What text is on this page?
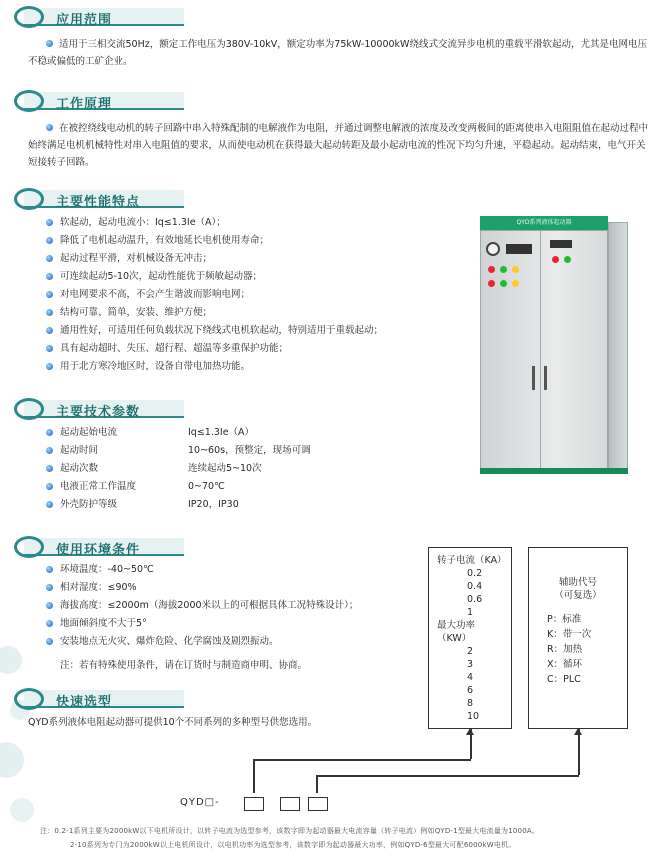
应用范围
适用于三相交流50Hz，额定工作电压为380V-10kV，额定功率为75kW-10000kW绕线式交流异步电机的重载平滑软起动，尤其是电网电压不稳或偏低的工矿企业。
工作原理
在被控绕线电动机的转子回路中串入特殊配制的电解液作为电阻，并通过调整电解液的浓度及改变两极间的距离使串入电阻阻值在起动过程中始终满足电机机械特性对串入电阻值的要求，从而使电动机在获得最大起动转距及最小起动电流的性况下均匀升速，平稳起动。起动结束，电气开关短接转子回路。
主要性能特点
软起动，起动电流小：Iq≤1.3Ie（A）；
降低了电机起动温升，有效地延长电机使用寿命；
起动过程平滑，对机械设备无冲击；
可连续起动5-10次，起动性能优于频敏起动器；
对电网要求不高，不会产生谐波而影响电网；
结构可靠、简单，安装、维护方便；
通用性好，可适用任何负载状况下绕线式电机软起动，特别适用于重载起动；
具有起动超时、失压、超行程、超温等多重保护功能；
用于北方寒冷地区时，设备自带电加热功能。
主要技术参数
起动起始电流	Iq≤1.3Ie（A）
起动时间	10~60s，预整定，现场可调
起动次数	连续起动5~10次
电液正常工作温度	0~70℃
外壳防护等级	IP20，IP30
QYD系列液体起动器
使用环境条件
环境温度：-40~50℃
相对湿度：≤90%
海拔高度：≤2000m（海拔2000米以上的可根据具体工况特殊设计）；
地面倾斜度不大于5°
安装地点无火灾、爆炸危险、化学腐蚀及剧烈振动。
注：若有特殊使用条件，请在订货时与制造商申明、协商。
快速选型
QYD系列液体电阻起动器可提供10个不同系列的多种型号供您选用。
转子电流（KA）
0.2
0.4
0.6
1
最大功率（KW）
2
3
4
6
8
10
辅助代号
（可复选）
P：标准
K：带一次
R：加热
X：循环
C：PLC
QYD□-
注：0.2-1系列主要为2000kW以下电机所设计，以转子电流为选型参考，该数字即为起动器最大电流容量（转子电流）例如QYD-1型最大电流量为1000A。
2-10系列为专门为2000kW以上电机所设计，以电机功率为选型参考，该数字即为起动器最大功率，例如QYD-6型最大可配6000kW电机。
